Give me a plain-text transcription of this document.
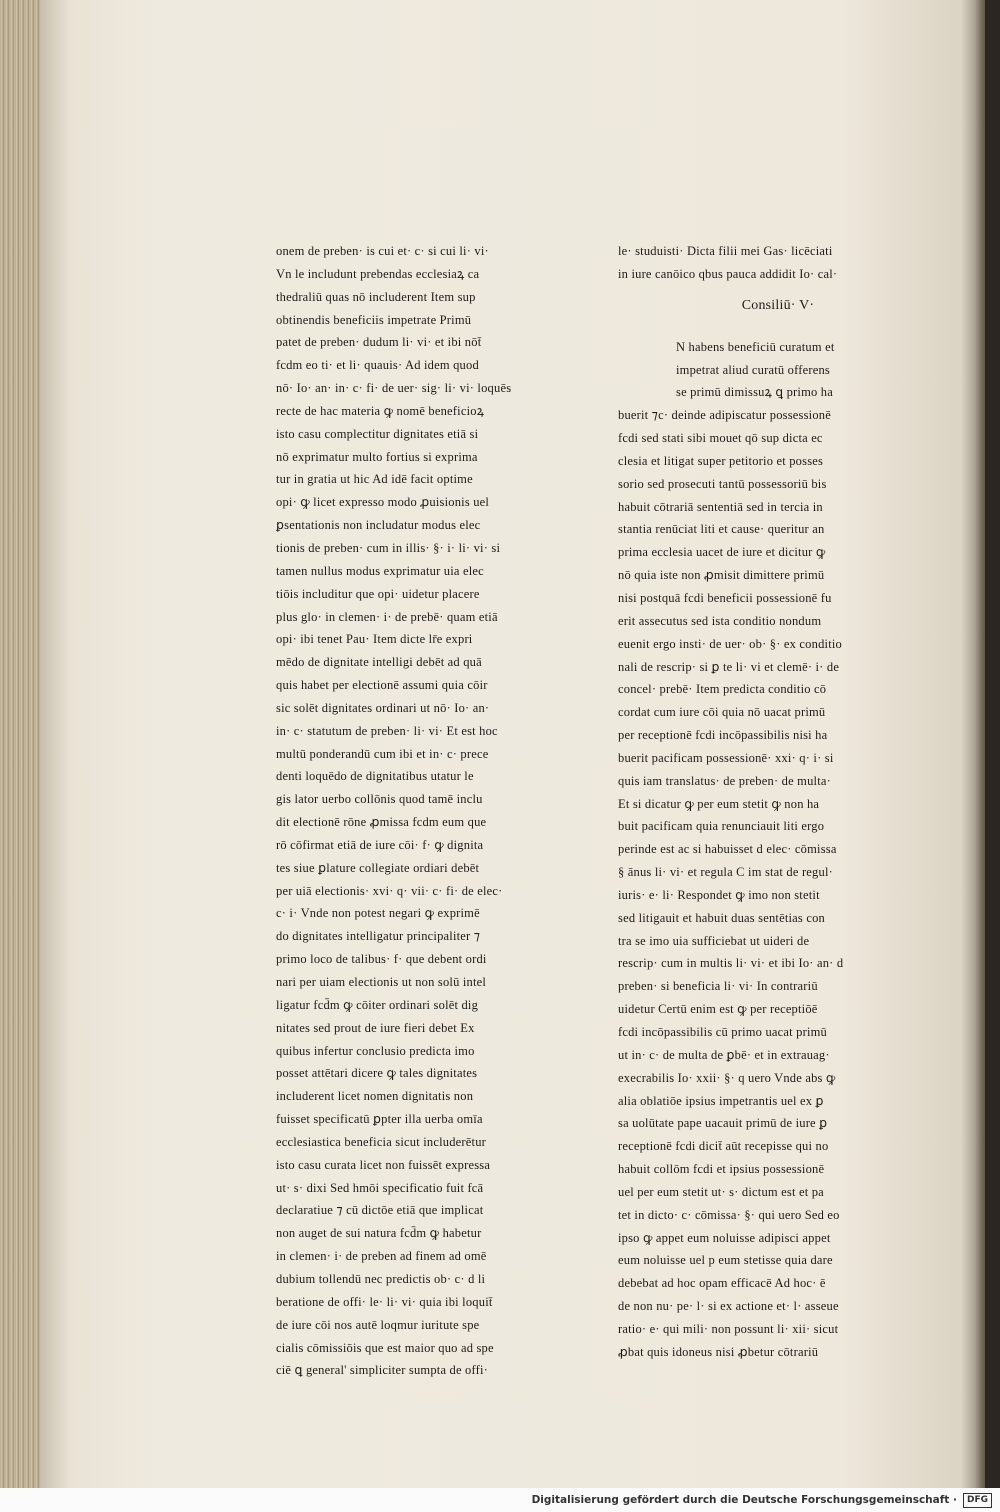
onem de preben· is cui et· c· si cui li· vi·
Vn le includunt prebendas ecclesiaꝝ ca
thedraliū quas nō includerent Item sup
obtinendis beneficiis impetrate Primū
patet de preben· dudum li· vi· et ibi nōt̄
fcdm eo ti· et li· quauis· Ad idem quod
nō· Io· an· in· c· fi· de uer· sig· li· vi· loquēs
recte de hac materia ꝙ nomē beneficioꝝ
isto casu complectitur dignitates etiā si
nō exprimatur multo fortius si exprima
tur in gratia ut hic Ad idē facit optime
opi· ꝙ licet expresso modo ꝓuisionis uel
ꝑsentationis non includatur modus elec
tionis de preben· cum in illis· §· i· li· vi· si
tamen nullus modus exprimatur uia elec
tiōis includitur que opi· uidetur placere
plus glo· in clemen· i· de prebē· quam etiā
opi· ibi tenet Pau· Item dicte lr̄e expri
mēdo de dignitate intelligi debēt ad quā
quis habet per electionē assumi quia cōir
sic solēt dignitates ordinari ut nō· Io· an·
in· c· statutum de preben· li· vi· Et est hoc
multū ponderandū cum ibi et in· c· prece
denti loquēdo de dignitatibus utatur le
gis lator uerbo collōnis quod tamē inclu
dit electionē rōne ꝓmissa fcdm eum que
rō cōfirmat etiā de iure cōi· f· ꝙ dignita
tes siue ꝑlature collegiate ordiari debēt
per uiā electionis· xvi· q· vii· c· fi· de elec·
c· i· Vnde non potest negari ꝙ exprimē
do dignitates intelligatur principaliter ⁊
primo loco de talibus· f· que debent ordi
nari per uiam electionis ut non solū intel
ligatur fcd̄m ꝙ cōiter ordinari solēt dig
nitates sed prout de iure fieri debet Ex
quibus infertur conclusio predicta imo
posset attētari dicere ꝙ tales dignitates
includerent licet nomen dignitatis non
fuisset specificatū ꝑpter illa uerba omīa
ecclesiastica beneficia sicut includerētur
isto casu curata licet non fuissēt expressa
ut· s· dixi Sed hmōi specificatio fuit fcā
declaratiue ⁊ cū dictōe etiā que implicat
non auget de sui natura fcd̄m ꝙ habetur
in clemen· i· de preben ad finem ad omē
dubium tollendū nec predictis ob· c· d li
beratione de offi· le· li· vi· quia ibi loquit̄
de iure cōi nos autē loqmur iuritute spe
cialis cōmissiōis que est maior quo ad spe
ciē ꝗ general' simpliciter sumpta de offi·
le· studuisti· Dicta filii mei Gas· licēciati
in iure canōico qbus pauca addidit Io· cal·
Consiliū· V·
N habens beneficiū curatum et
impetrat aliud curatū offerens
se primū dimissuꝝ ꝗ primo ha
buerit ⁊c· deinde adipiscatur possessionē
fcdi sed stati sibi mouet qō sup dicta ec
clesia et litigat super petitorio et posses
sorio sed prosecuti tantū possessoriū bis
habuit cōtrariā sententiā sed in tercia in
stantia renūciat liti et cause· queritur an
prima ecclesia uacet de iure et dicitur ꝙ
nō quia iste non ꝓmisit dimittere primū
nisi postquā fcdi beneficii possessionē fu
erit assecutus sed ista conditio nondum
euenit ergo insti· de uer· ob· §· ex conditio
nali de rescrip· si ꝑ te li· vi et clemē· i· de
concel· prebē· Item predicta conditio cō
cordat cum iure cōi quia nō uacat primū
per receptionē fcdi incōpassibilis nisi ha
buerit pacificam possessionē· xxi· q· i· si
quis iam translatus· de preben· de multa·
Et si dicatur ꝙ per eum stetit ꝙ non ha
buit pacificam quia renunciauit liti ergo
perinde est ac si habuisset d elec· cōmissa
§ ānus li· vi· et regula C im stat de regul·
iuris· e· li· Respondet ꝙ imo non stetit
sed litigauit et habuit duas sentētias con
tra se imo uia sufficiebat ut uideri de
rescrip· cum in multis li· vi· et ibi Io· an· d
preben· si beneficia li· vi· In contrariū
uidetur Certū enim est ꝙ per receptiōē
fcdi incōpassibilis cū primo uacat primū
ut in· c· de multa de ꝑbē· et in extrauag·
execrabilis Io· xxii· §· q uero Vnde abs ꝙ
alia oblatiōe ipsius impetrantis uel ex ꝑ
sa uolūtate pape uacauit primū de iure ꝑ
receptionē fcdi dicit̄ aūt recepisse qui no
habuit collōm fcdi et ipsius possessionē
uel per eum stetit ut· s· dictum est et pa
tet in dicto· c· cōmissa· §· qui uero Sed eo
ipso ꝙ appet eum noluisse adipisci appet
eum noluisse uel p eum stetisse quia dare
debebat ad hoc opam efficacē Ad hoc· ē
de non nu· pe· l· si ex actione et· l· asseue
ratio· e· qui mili· non possunt li· xii· sicut
ꝓbat quis idoneus nisi ꝓbetur cōtrariū
Digitalisierung gefördert durch die Deutsche Forschungsgemeinschaft ·	DFG
